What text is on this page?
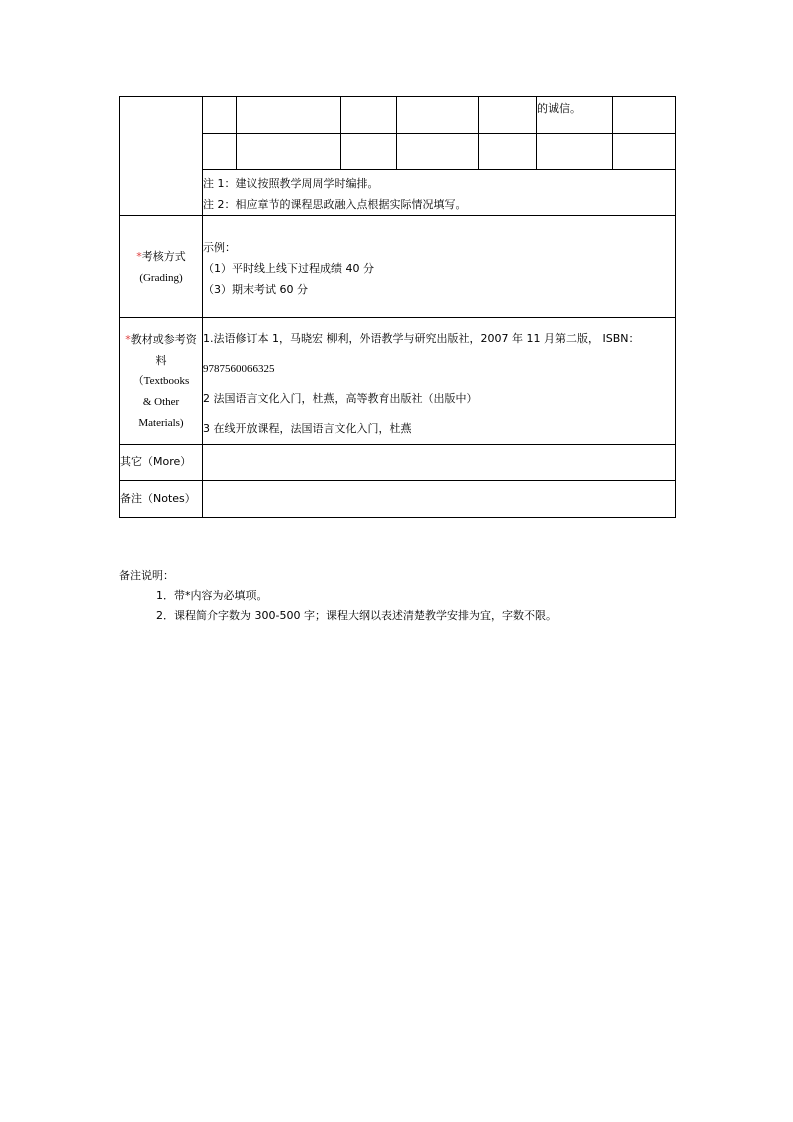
						的诚信。	

	注 1：建议按照教学周周学时编排。
注 2：相应章节的课程思政融入点根据实际情况填写。						

*考核方式
(Grading)	示例：
（1）平时线上线下过程成绩 40 分
（3）期末考试 60 分						

*教材或参考资料
（Textbooks
& Other
Materials)	1.法语修订本 1，马晓宏 柳利，外语教学与研究出版社，2007 年 11 月第二版， ISBN：
9787560066325
2 法国语言文化入门，杜燕，高等教育出版社（出版中）
3 在线开放课程，法国语言文化入门，杜燕						

其它（More）							
备注（Notes）							
备注说明：
1．带*内容为必填项。
2．课程简介字数为 300-500 字；课程大纲以表述清楚教学安排为宜，字数不限。
